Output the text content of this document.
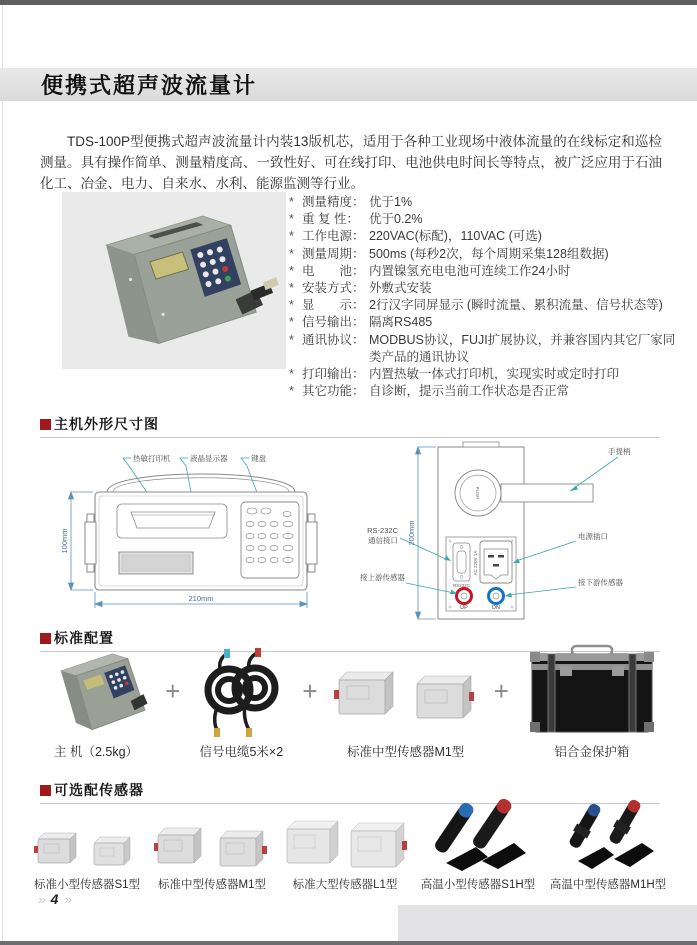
便携式超声波流量计

TDS-100P型便携式超声波流量计内装13版机芯，适用于各种工业现场中液体流量的在线标定和巡检测量。具有操作简单、测量精度高、一致性好、可在线打印、电池供电时间长等特点，被广泛应用于石油化工、冶金、电力、自来水、水利、能源监测等行业。

* 测量精度： 优于1%
* 重 复 性： 优于0.2%
* 工作电源： 220VAC(标配)，110VAC (可选)
* 测量周期： 500ms (每秒2次，每个周期采集128组数据)
* 电　　池： 内置镍氢充电电池可连续工作24小时
* 安装方式： 外敷式安装
* 显　　示： 2行汉字同屏显示 (瞬时流量、累积流量、信号状态等)
* 信号输出： 隔离RS485
* 通讯协议： MODBUS协议，FUJI扩展协议，并兼容国内其它厂家同类产品的通讯协议
* 打印输出： 内置热敏一体式打印机，实现实时或定时打印
* 其它功能： 自诊断，提示当前工作状态是否正常
主机外形尺寸图
热敏打印机	液晶显示器	键盘
100mm
210mm
PUSH
手提柄
RS232C
AC 220V 1A
UP	DN
RS-232C
通信接口
接上游传感器
电源插口
接下游传感器
200mm
标准配置
主 机（2.5kg）
+
信号电缆5米×2
+
标准中型传感器M1型
+
铝合金保护箱
可选配传感器
标准小型传感器S1型 标准中型传感器M1型 标准大型传感器L1型 高温小型传感器S1H型 高温中型传感器M1H型
›› 4 ››
